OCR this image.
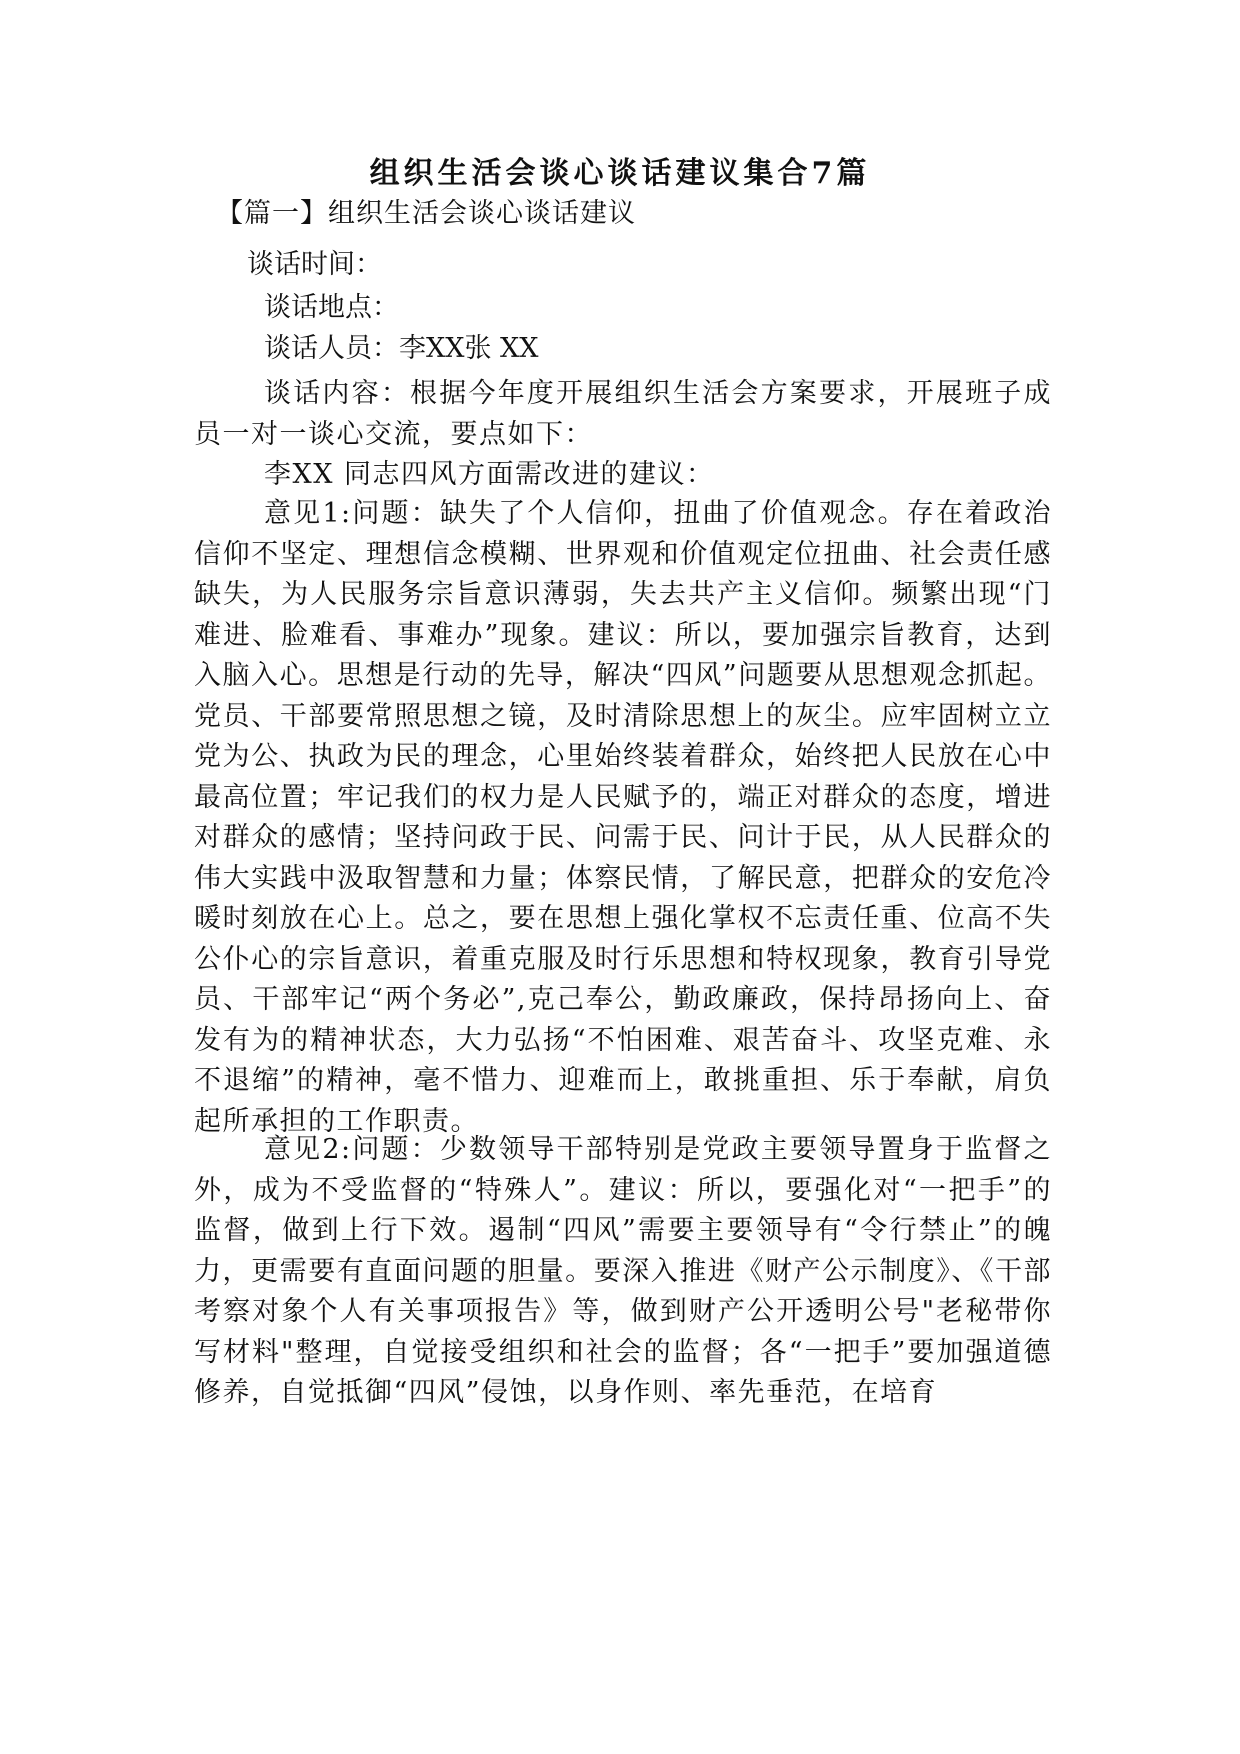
组织生活会谈心谈话建议集合7篇
【篇一】组织生活会谈心谈话建议
谈话时间：
谈话地点：
谈话人员：李XX张 XX

谈话内容：根据今年度开展组织生活会方案要求，开展班子成员一对一谈心交流，要点如下：

李XX 同志四风方面需改进的建议：

意见1:问题：缺失了个人信仰，扭曲了价值观念。存在着政治信仰不坚定、理想信念模糊、世界观和价值观定位扭曲、社会责任感缺失，为人民服务宗旨意识薄弱，失去共产主义信仰。频繁出现“门难进、脸难看、事难办”现象。建议：所以，要加强宗旨教育，达到入脑入心。思想是行动的先导，解决“四风”问题要从思想观念抓起。党员、干部要常照思想之镜，及时清除思想上的灰尘。应牢固树立立党为公、执政为民的理念，心里始终装着群众，始终把人民放在心中最高位置；牢记我们的权力是人民赋予的，端正对群众的态度，增进对群众的感情；坚持问政于民、问需于民、问计于民，从人民群众的伟大实践中汲取智慧和力量；体察民情，了解民意，把群众的安危冷暖时刻放在心上。总之，要在思想上强化掌权不忘责任重、位高不失公仆心的宗旨意识，着重克服及时行乐思想和特权现象，教育引导党员、干部牢记“两个务必”,克己奉公，勤政廉政，保持昂扬向上、奋发有为的精神状态，大力弘扬“不怕困难、艰苦奋斗、攻坚克难、永不退缩”的精神，毫不惜力、迎难而上，敢挑重担、乐于奉献，肩负起所承担的工作职责。

意见2:问题：少数领导干部特别是党政主要领导置身于监督之外，成为不受监督的“特殊人”。建议：所以，要强化对“一把手”的监督，做到上行下效。遏制“四风”需要主要领导有“令行禁止”的魄力，更需要有直面问题的胆量。要深入推进《财产公示制度》、《干部考察对象个人有关事项报告》等，做到财产公开透明公号"老秘带你写材料"整理，自觉接受组织和社会的监督；各“一把手”要加强道德修养，自觉抵御“四风”侵蚀，以身作则、率先垂范，在培育
